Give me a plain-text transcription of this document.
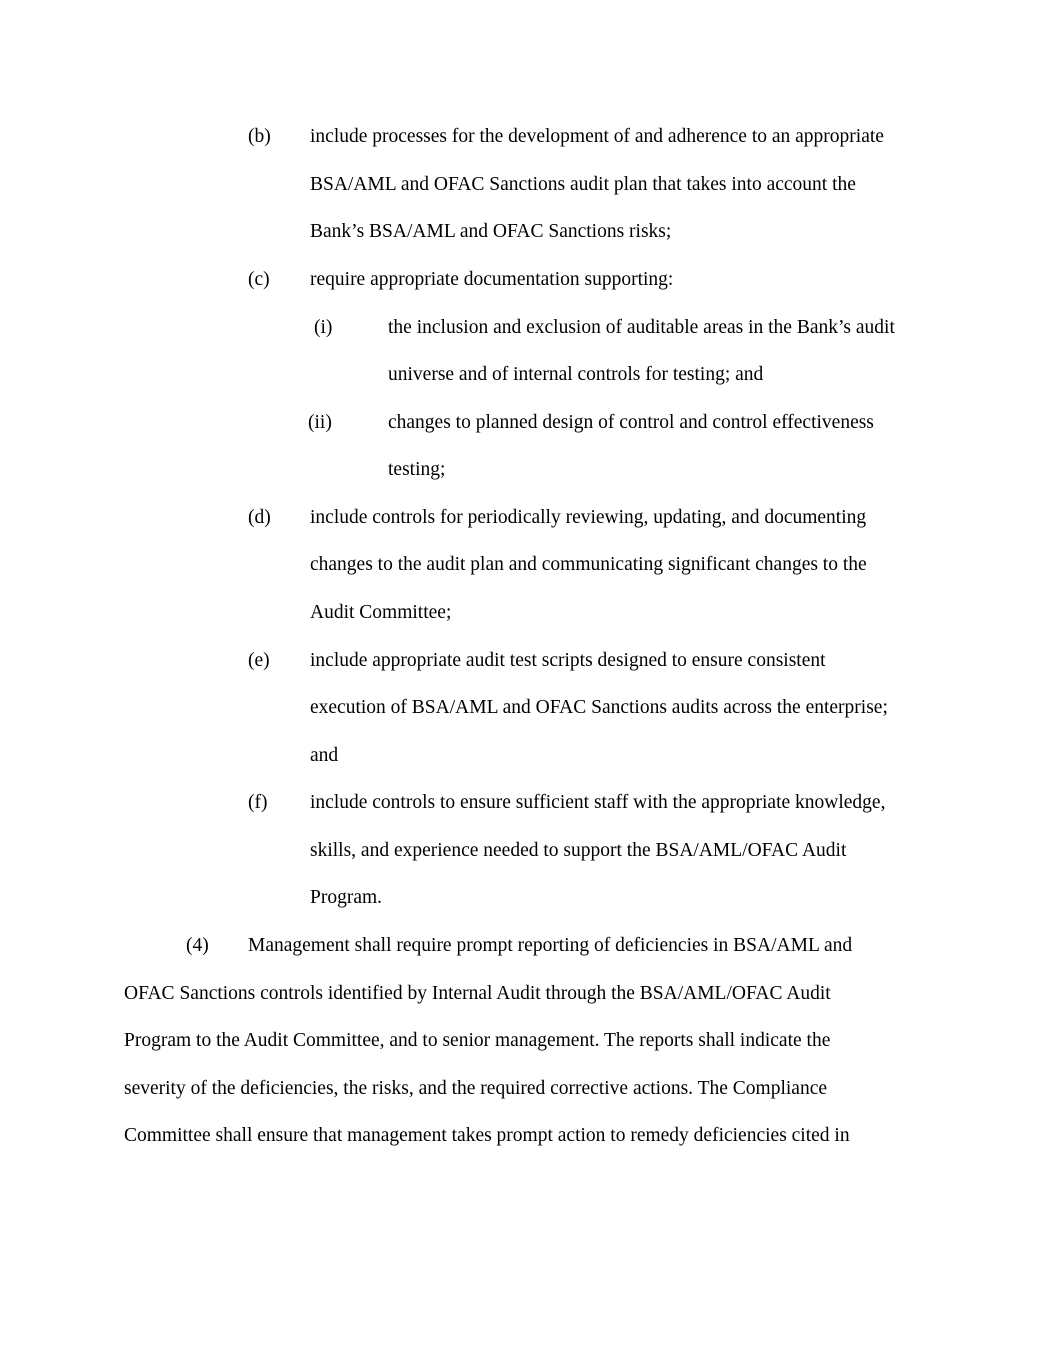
(b) include processes for the development of and adherence to an appropriate
BSA/AML and OFAC Sanctions audit plan that takes into account the
Bank’s BSA/AML and OFAC Sanctions risks;
(c) require appropriate documentation supporting:
(i)	the inclusion and exclusion of auditable areas in the Bank’s audit
universe and of internal controls for testing; and
(ii)	changes to planned design of control and control effectiveness
testing;
(d) include controls for periodically reviewing, updating, and documenting
changes to the audit plan and communicating significant changes to the
Audit Committee;
(e) include appropriate audit test scripts designed to ensure consistent
execution of BSA/AML and OFAC Sanctions audits across the enterprise;
and
(f) include controls to ensure sufficient staff with the appropriate knowledge,
skills, and experience needed to support the BSA/AML/OFAC Audit
Program.
(4) Management shall require prompt reporting of deficiencies in BSA/AML and
OFAC Sanctions controls identified by Internal Audit through the BSA/AML/OFAC Audit
Program to the Audit Committee, and to senior management. The reports shall indicate the
severity of the deficiencies, the risks, and the required corrective actions. The Compliance
Committee shall ensure that management takes prompt action to remedy deficiencies cited in
